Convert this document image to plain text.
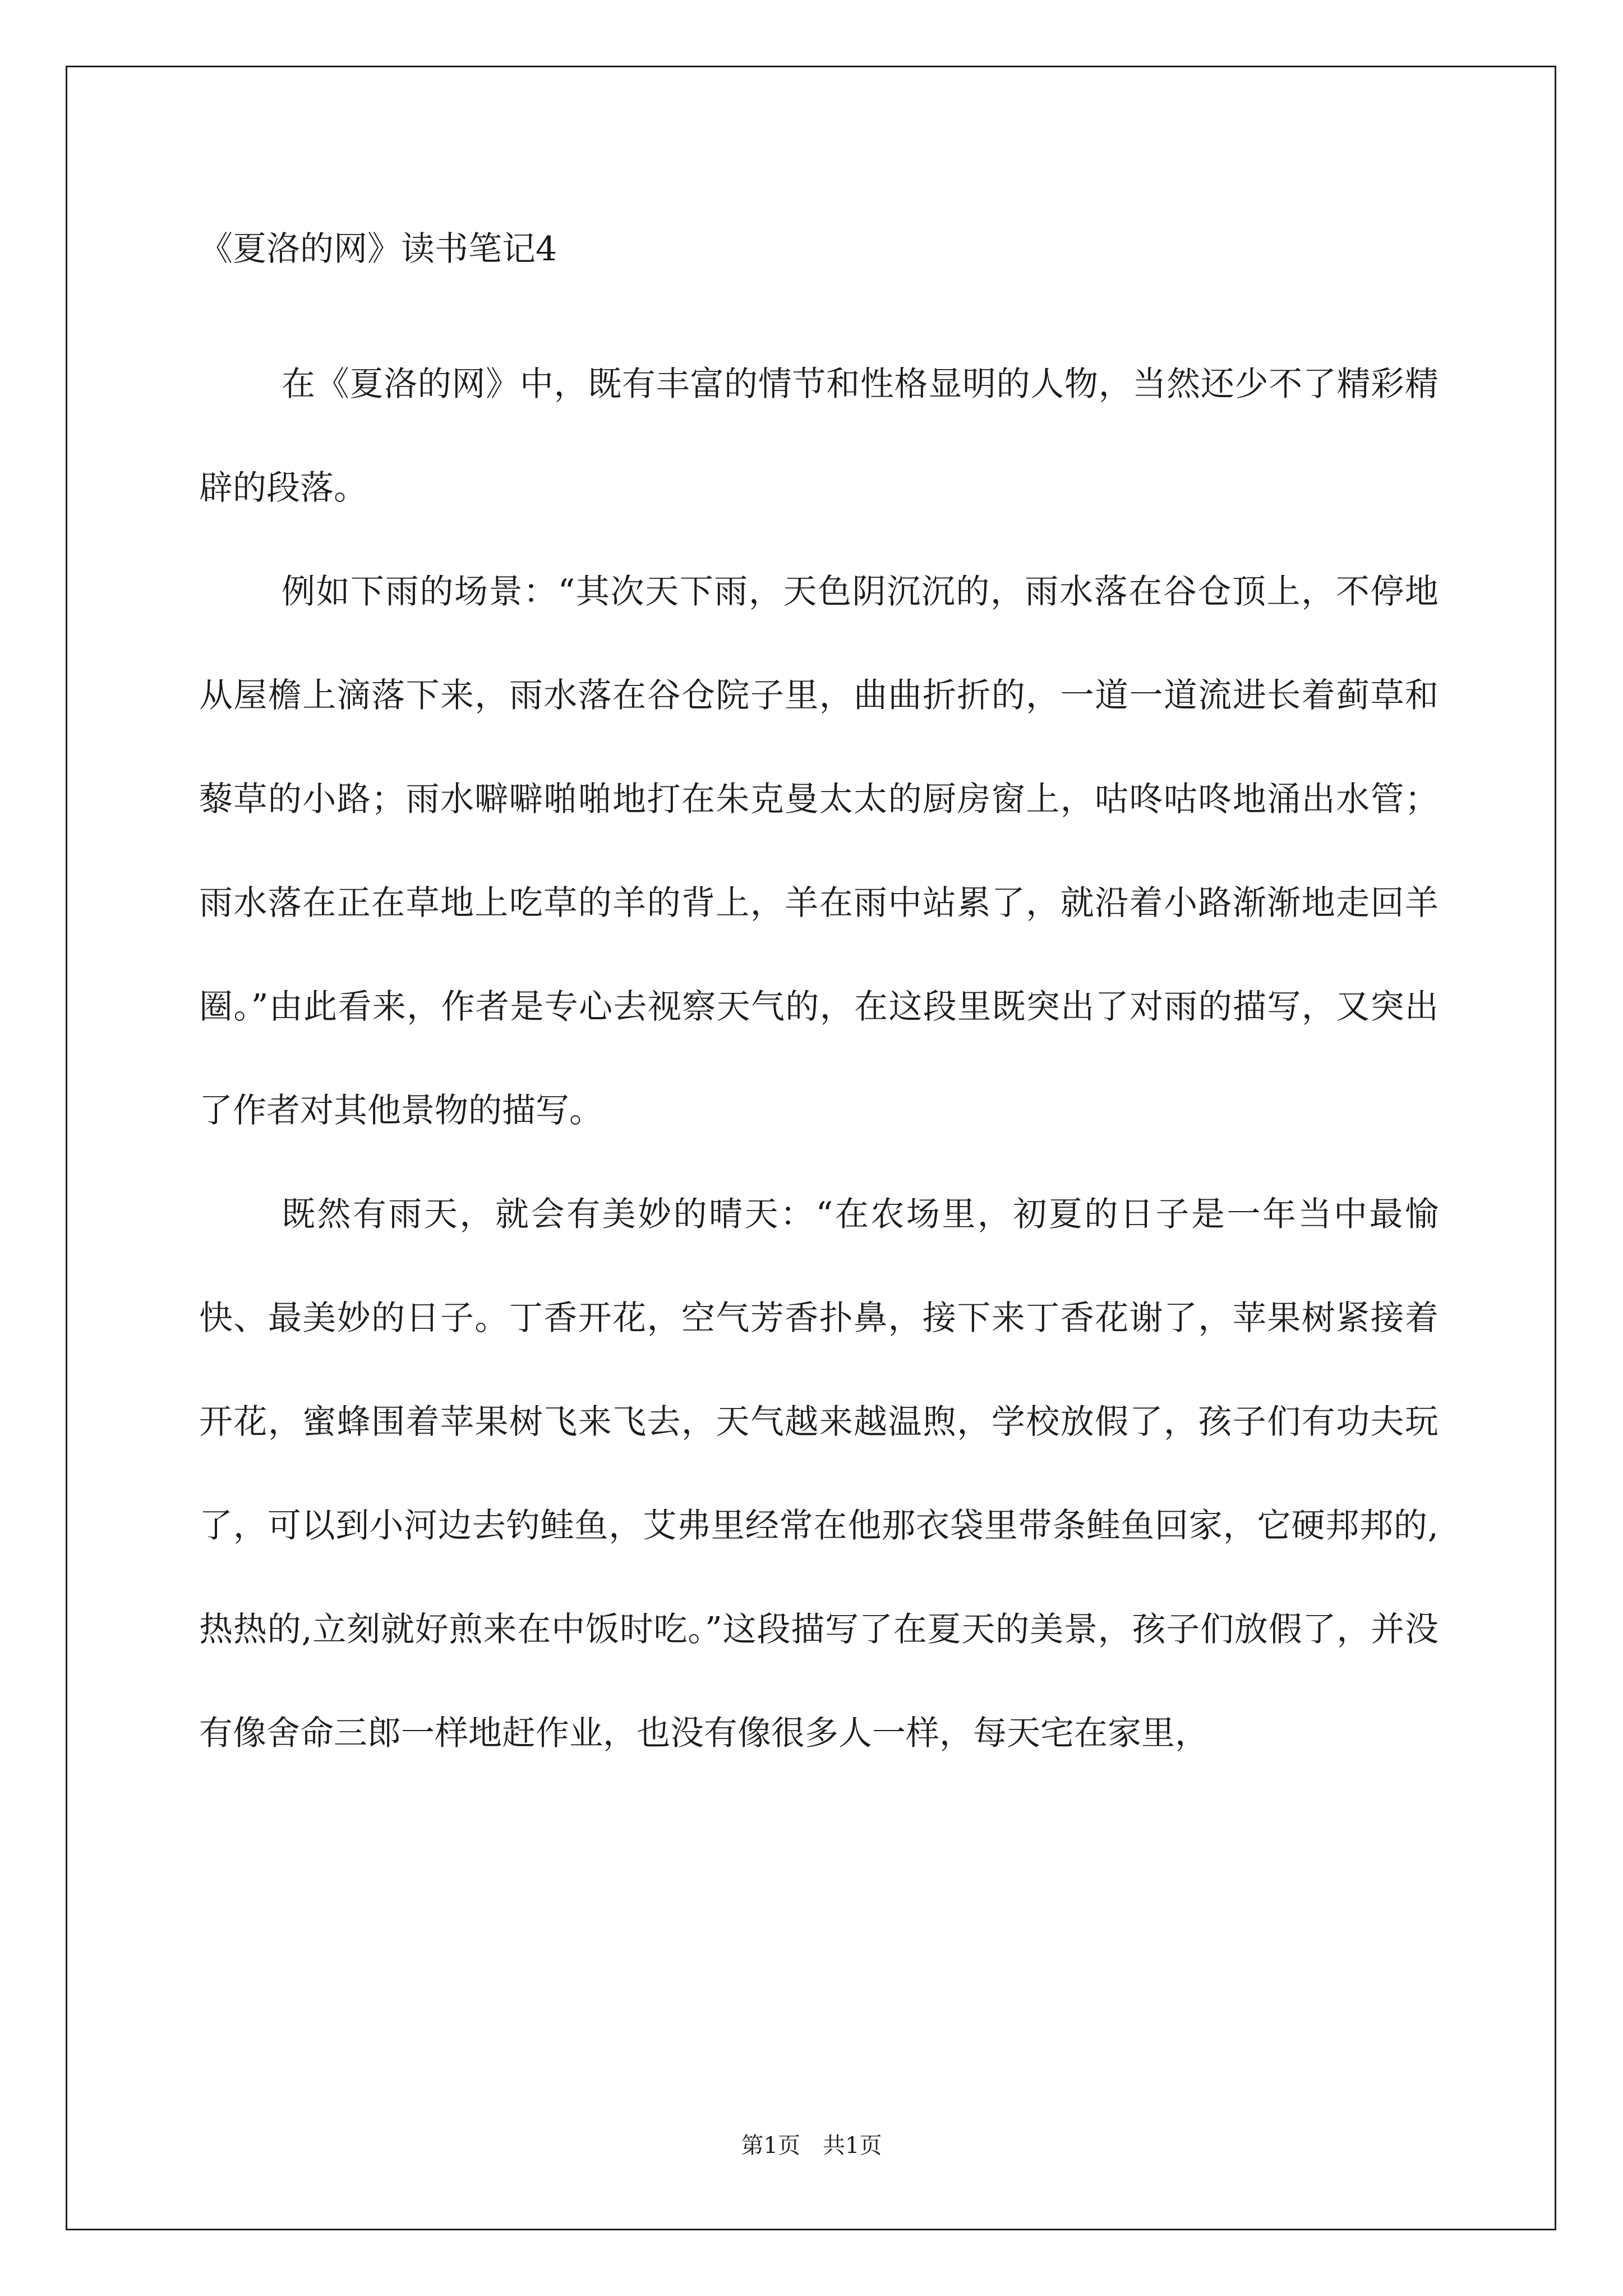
《夏洛的网》读书笔记4

在《夏洛的网》中，既有丰富的情节和性格显明的人物，当然还少不了精彩精辟的段落。

例如下雨的场景：“其次天下雨，天色阴沉沉的，雨水落在谷仓顶上，不停地从屋檐上滴落下来，雨水落在谷仓院子里，曲曲折折的，一道一道流进长着蓟草和藜草的小路；雨水噼噼啪啪地打在朱克曼太太的厨房窗上，咕咚咕咚地涌出水管；雨水落在正在草地上吃草的羊的背上，羊在雨中站累了，就沿着小路渐渐地走回羊圈。”由此看来，作者是专心去视察天气的，在这段里既突出了对雨的描写，又突出了作者对其他景物的描写。

既然有雨天，就会有美妙的晴天：“在农场里，初夏的日子是一年当中最愉快、最美妙的日子。丁香开花，空气芳香扑鼻，接下来丁香花谢了，苹果树紧接着开花，蜜蜂围着苹果树飞来飞去，天气越来越温煦，学校放假了，孩子们有功夫玩了，可以到小河边去钓鲑鱼，艾弗里经常在他那衣袋里带条鲑鱼回家，它硬邦邦的,热热的,立刻就好煎来在中饭时吃。”这段描写了在夏天的美景，孩子们放假了，并没有像舍命三郎一样地赶作业，也没有像很多人一样，每天宅在家里，

第1页　共1页
